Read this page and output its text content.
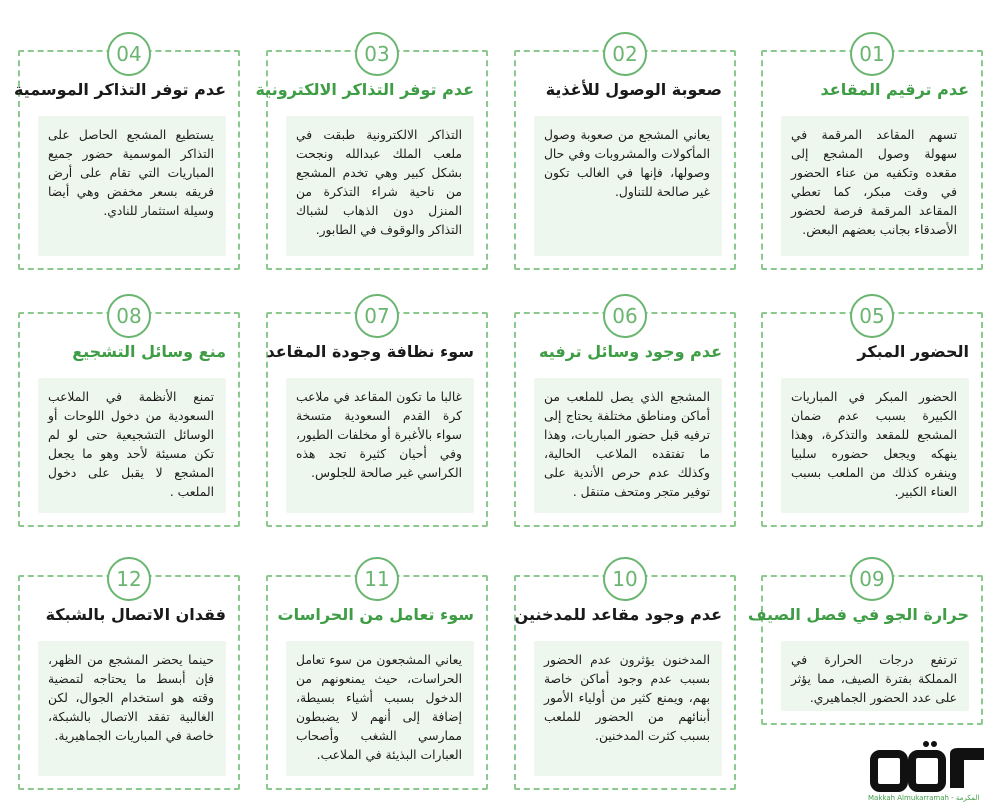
01
عدم ترقيم المقاعد

تسهم المقاعد المرقمة في سهولة وصول المشجع إلى مقعده وتكفيه من عناء الحضور في وقت مبكر، كما تعطي المقاعد المرقمة فرصة لحضور الأصدقاء بجانب بعضهم البعض.

02
صعوبة الوصول للأغذية

يعاني المشجع من صعوبة وصول المأكولات والمشروبات وفي حال وصولها، فإنها في الغالب تكون غير صالحة للتناول.

03
عدم توفر التذاكر الالكترونية

التذاكر الالكترونية طبقت في ملعب الملك عبدالله ونجحت بشكل كبير وهي تخدم المشجع من ناحية شراء التذكرة من المنزل دون الذهاب لشباك التذاكر والوقوف في الطابور.

04
عدم توفر التذاكر الموسمية

يستطيع المشجع الحاصل على التذاكر الموسمية حضور جميع المباريات التي تقام على أرض فريقه بسعر مخفض وهي أيضا وسيلة استثمار للنادي.

05
الحضور المبكر

الحضور المبكر في المباريات الكبيرة بسبب عدم ضمان المشجع للمقعد والتذكرة، وهذا ينهكه ويجعل حضوره سلبيا وينفره كذلك من الملعب بسبب العناء الكبير.

06
عدم وجود وسائل ترفيه

المشجع الذي يصل للملعب من أماكن ومناطق مختلفة يحتاج إلى ترفيه قبل حضور المباريات، وهذا ما تفتقده الملاعب الحالية، وكذلك عدم حرص الأندية على توفير متجر ومتحف متنقل .

07
سوء نظافة وجودة المقاعد

غالبا ما تكون المقاعد في ملاعب كرة القدم السعودية متسخة سواء بالأغبرة أو مخلفات الطيور، وفي أحيان كثيرة تجد هذه الكراسي غير صالحة للجلوس.

08
منع وسائل التشجيع

تمنع الأنظمة في الملاعب السعودية من دخول اللوحات أو الوسائل التشجيعية حتى لو لم تكن مسيئة لأحد وهو ما يجعل المشجع لا يقبل على دخول الملعب .

09
حرارة الجو في فصل الصيف

ترتفع درجات الحرارة في المملكة بفترة الصيف، مما يؤثر على عدد الحضور الجماهيري.

10
عدم وجود مقاعد للمدخنين

المدخنون يؤثرون عدم الحضور بسبب عدم وجود أماكن خاصة بهم، ويمنع كثير من أولياء الأمور أبنائهم من الحضور للملعب بسبب كثرت المدخنين.

11
سوء تعامل من الحراسات

يعاني المشجعون من سوء تعامل الحراسات، حيث يمنعونهم من الدخول بسبب أشياء بسيطة، إضافة إلى أنهم لا يضبطون ممارسي الشغب وأصحاب العبارات البذيئة في الملاعب.

12
فقدان الاتصال بالشبكة

حينما يحضر المشجع من الظهر، فإن أبسط ما يحتاجه لتمضية وقته هو استخدام الجوال، لكن الغالبية تفقد الاتصال بالشبكة، خاصة في المباريات الجماهيرية.

Makkah Almukarramah - المكرمة
